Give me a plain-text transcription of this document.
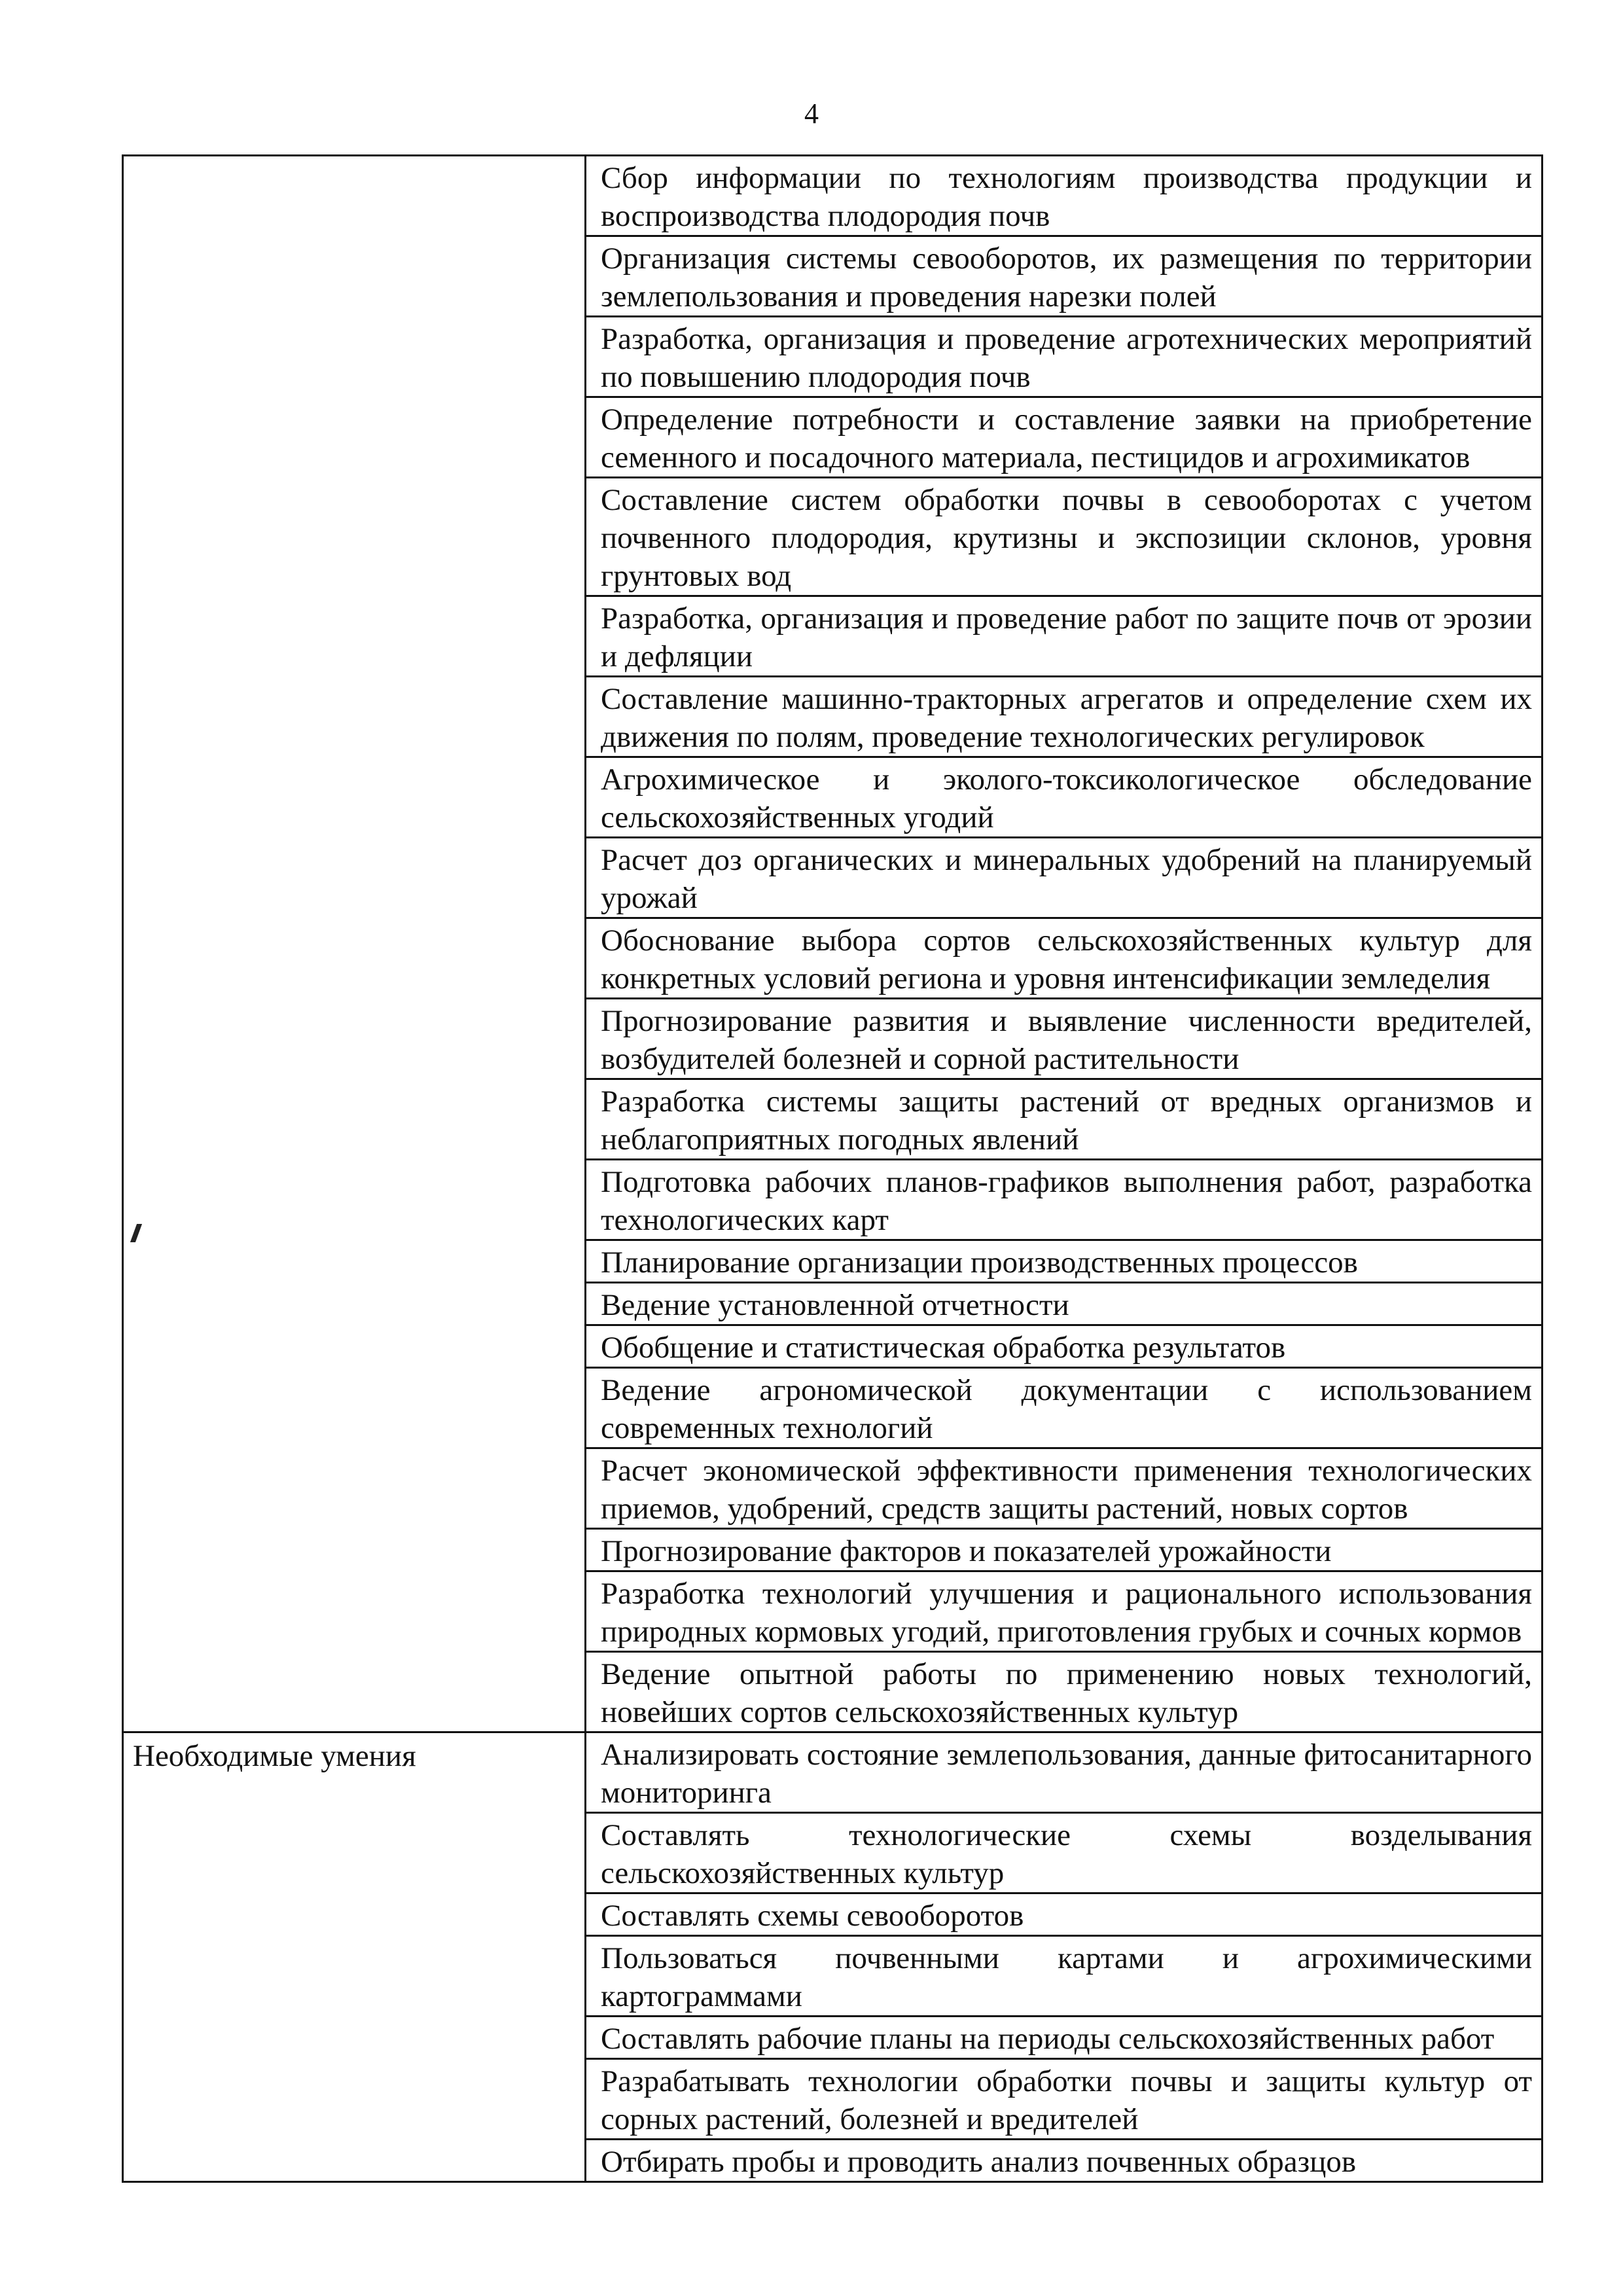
4
	Сбор информации по технологиям производства продукции и воспроизводства плодородия почв
	Организация системы севооборотов, их размещения по территории землепользования и проведения нарезки полей
	Разработка, организация и проведение агротехнических мероприятий по повышению плодородия почв
	Определение потребности и составление заявки на приобретение семенного и посадочного материала, пестицидов и агрохимикатов
	Составление систем обработки почвы в севооборотах с учетом почвенного плодородия, крутизны и экспозиции склонов, уровня грунтовых вод
	Разработка, организация и проведение работ по защите почв от эрозии и дефляции
	Составление машинно-тракторных агрегатов и определение схем их движения по полям, проведение технологических регулировок
	Агрохимическое и эколого-токсикологическое обследование сельскохозяйственных угодий
	Расчет доз органических и минеральных удобрений на планируемый урожай
	Обоснование выбора сортов сельскохозяйственных культур для конкретных условий региона и уровня интенсификации земледелия
	Прогнозирование развития и выявление численности вредителей, возбудителей болезней и сорной растительности
	Разработка системы защиты растений от вредных организмов и неблагоприятных погодных явлений
	Подготовка рабочих планов-графиков выполнения работ, разработка технологических карт
	Планирование организации производственных процессов
	Ведение установленной отчетности
	Обобщение и статистическая обработка результатов
	Ведение агрономической документации с использованием современных технологий
	Расчет экономической эффективности применения технологических приемов, удобрений, средств защиты растений, новых сортов
	Прогнозирование факторов и показателей урожайности
	Разработка технологий улучшения и рационального использования природных кормовых угодий, приготовления грубых и сочных кормов
	Ведение опытной работы по применению новых технологий, новейших сортов сельскохозяйственных культур
Необходимые умения	Анализировать состояние землепользования, данные фитосанитарного мониторинга
	Составлять технологические схемы возделывания сельскохозяйственных культур
	Составлять схемы севооборотов
	Пользоваться почвенными картами и агрохимическими картограммами
	Составлять рабочие планы на периоды сельскохозяйственных работ
	Разрабатывать технологии обработки почвы и защиты культур от сорных растений, болезней и вредителей
	Отбирать пробы и проводить анализ почвенных образцов
